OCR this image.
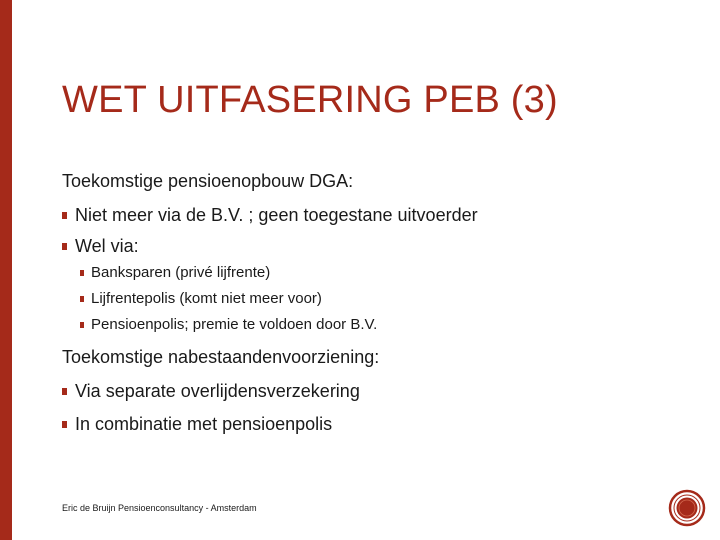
WET UITFASERING PEB (3)
Toekomstige pensioenopbouw DGA:
Niet meer via de B.V. ; geen toegestane uitvoerder
Wel via:
Banksparen (privé lijfrente)
Lijfrentepolis (komt niet meer voor)
Pensioenpolis; premie te voldoen door B.V.
Toekomstige nabestaandenvoorziening:
Via separate overlijdensverzekering
In combinatie met pensioenpolis
Eric de Bruijn Pensioenconsultancy - Amsterdam
